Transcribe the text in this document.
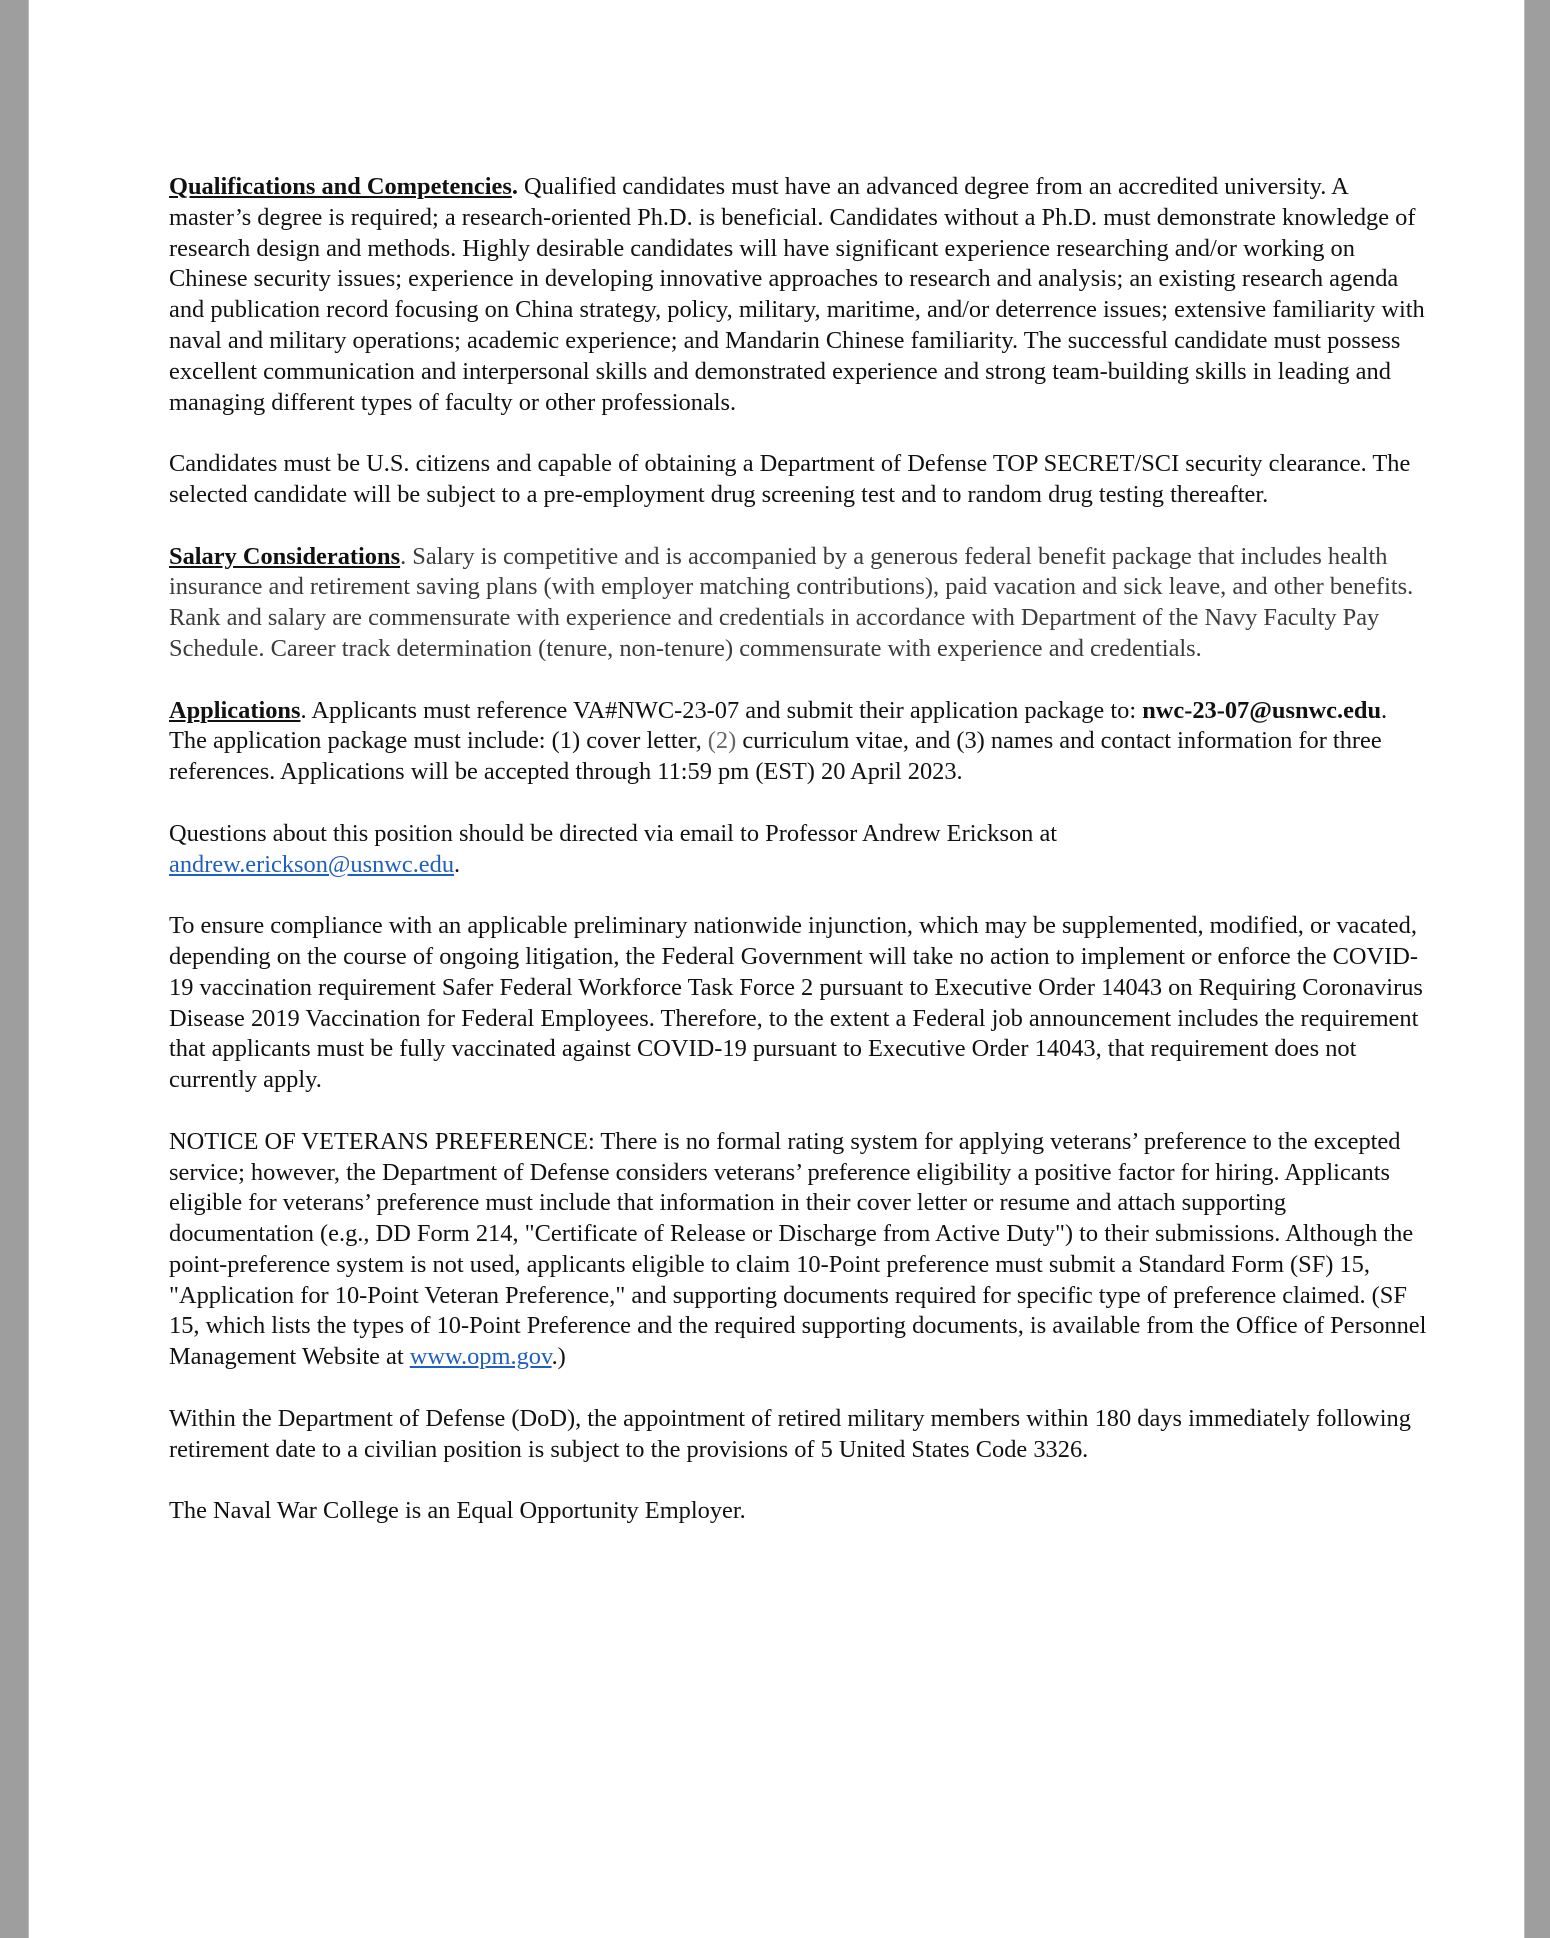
Qualifications and Competencies. Qualified candidates must have an advanced degree from an accredited university. A master’s degree is required; a research-oriented Ph.D. is beneficial. Candidates without a Ph.D. must demonstrate knowledge of research design and methods. Highly desirable candidates will have significant experience researching and/or working on Chinese security issues; experience in developing innovative approaches to research and analysis; an existing research agenda and publication record focusing on China strategy, policy, military, maritime, and/or deterrence issues; extensive familiarity with naval and military operations; academic experience; and Mandarin Chinese familiarity. The successful candidate must possess excellent communication and interpersonal skills and demonstrated experience and strong team-building skills in leading and managing different types of faculty or other professionals.

Candidates must be U.S. citizens and capable of obtaining a Department of Defense TOP SECRET/SCI security clearance. The selected candidate will be subject to a pre-employment drug screening test and to random drug testing thereafter.

Salary Considerations. Salary is competitive and is accompanied by a generous federal benefit package that includes health insurance and retirement saving plans (with employer matching contributions), paid vacation and sick leave, and other benefits. Rank and salary are commensurate with experience and credentials in accordance with Department of the Navy Faculty Pay Schedule. Career track determination (tenure, non-tenure) commensurate with experience and credentials.

Applications. Applicants must reference VA#NWC-23-07 and submit their application package to: nwc-23-07@usnwc.edu. The application package must include: (1) cover letter, (2) curriculum vitae, and (3) names and contact information for three references. Applications will be accepted through 11:59 pm (EST) 20 April 2023.

Questions about this position should be directed via email to Professor Andrew Erickson at
andrew.erickson@usnwc.edu.

To ensure compliance with an applicable preliminary nationwide injunction, which may be supplemented, modified, or vacated, depending on the course of ongoing litigation, the Federal Government will take no action to implement or enforce the COVID-19 vaccination requirement Safer Federal Workforce Task Force 2 pursuant to Executive Order 14043 on Requiring Coronavirus Disease 2019 Vaccination for Federal Employees. Therefore, to the extent a Federal job announcement includes the requirement that applicants must be fully vaccinated against COVID-19 pursuant to Executive Order 14043, that requirement does not currently apply.

NOTICE OF VETERANS PREFERENCE: There is no formal rating system for applying veterans’ preference to the excepted service; however, the Department of Defense considers veterans’ preference eligibility a positive factor for hiring. Applicants eligible for veterans’ preference must include that information in their cover letter or resume and attach supporting documentation (e.g., DD Form 214, "Certificate of Release or Discharge from Active Duty") to their submissions. Although the point-preference system is not used, applicants eligible to claim 10-Point preference must submit a Standard Form (SF) 15, "Application for 10-Point Veteran Preference," and supporting documents required for specific type of preference claimed. (SF 15, which lists the types of 10-Point Preference and the required supporting documents, is available from the Office of Personnel Management Website at www.opm.gov.)

Within the Department of Defense (DoD), the appointment of retired military members within 180 days immediately following retirement date to a civilian position is subject to the provisions of 5 United States Code 3326.

The Naval War College is an Equal Opportunity Employer.
